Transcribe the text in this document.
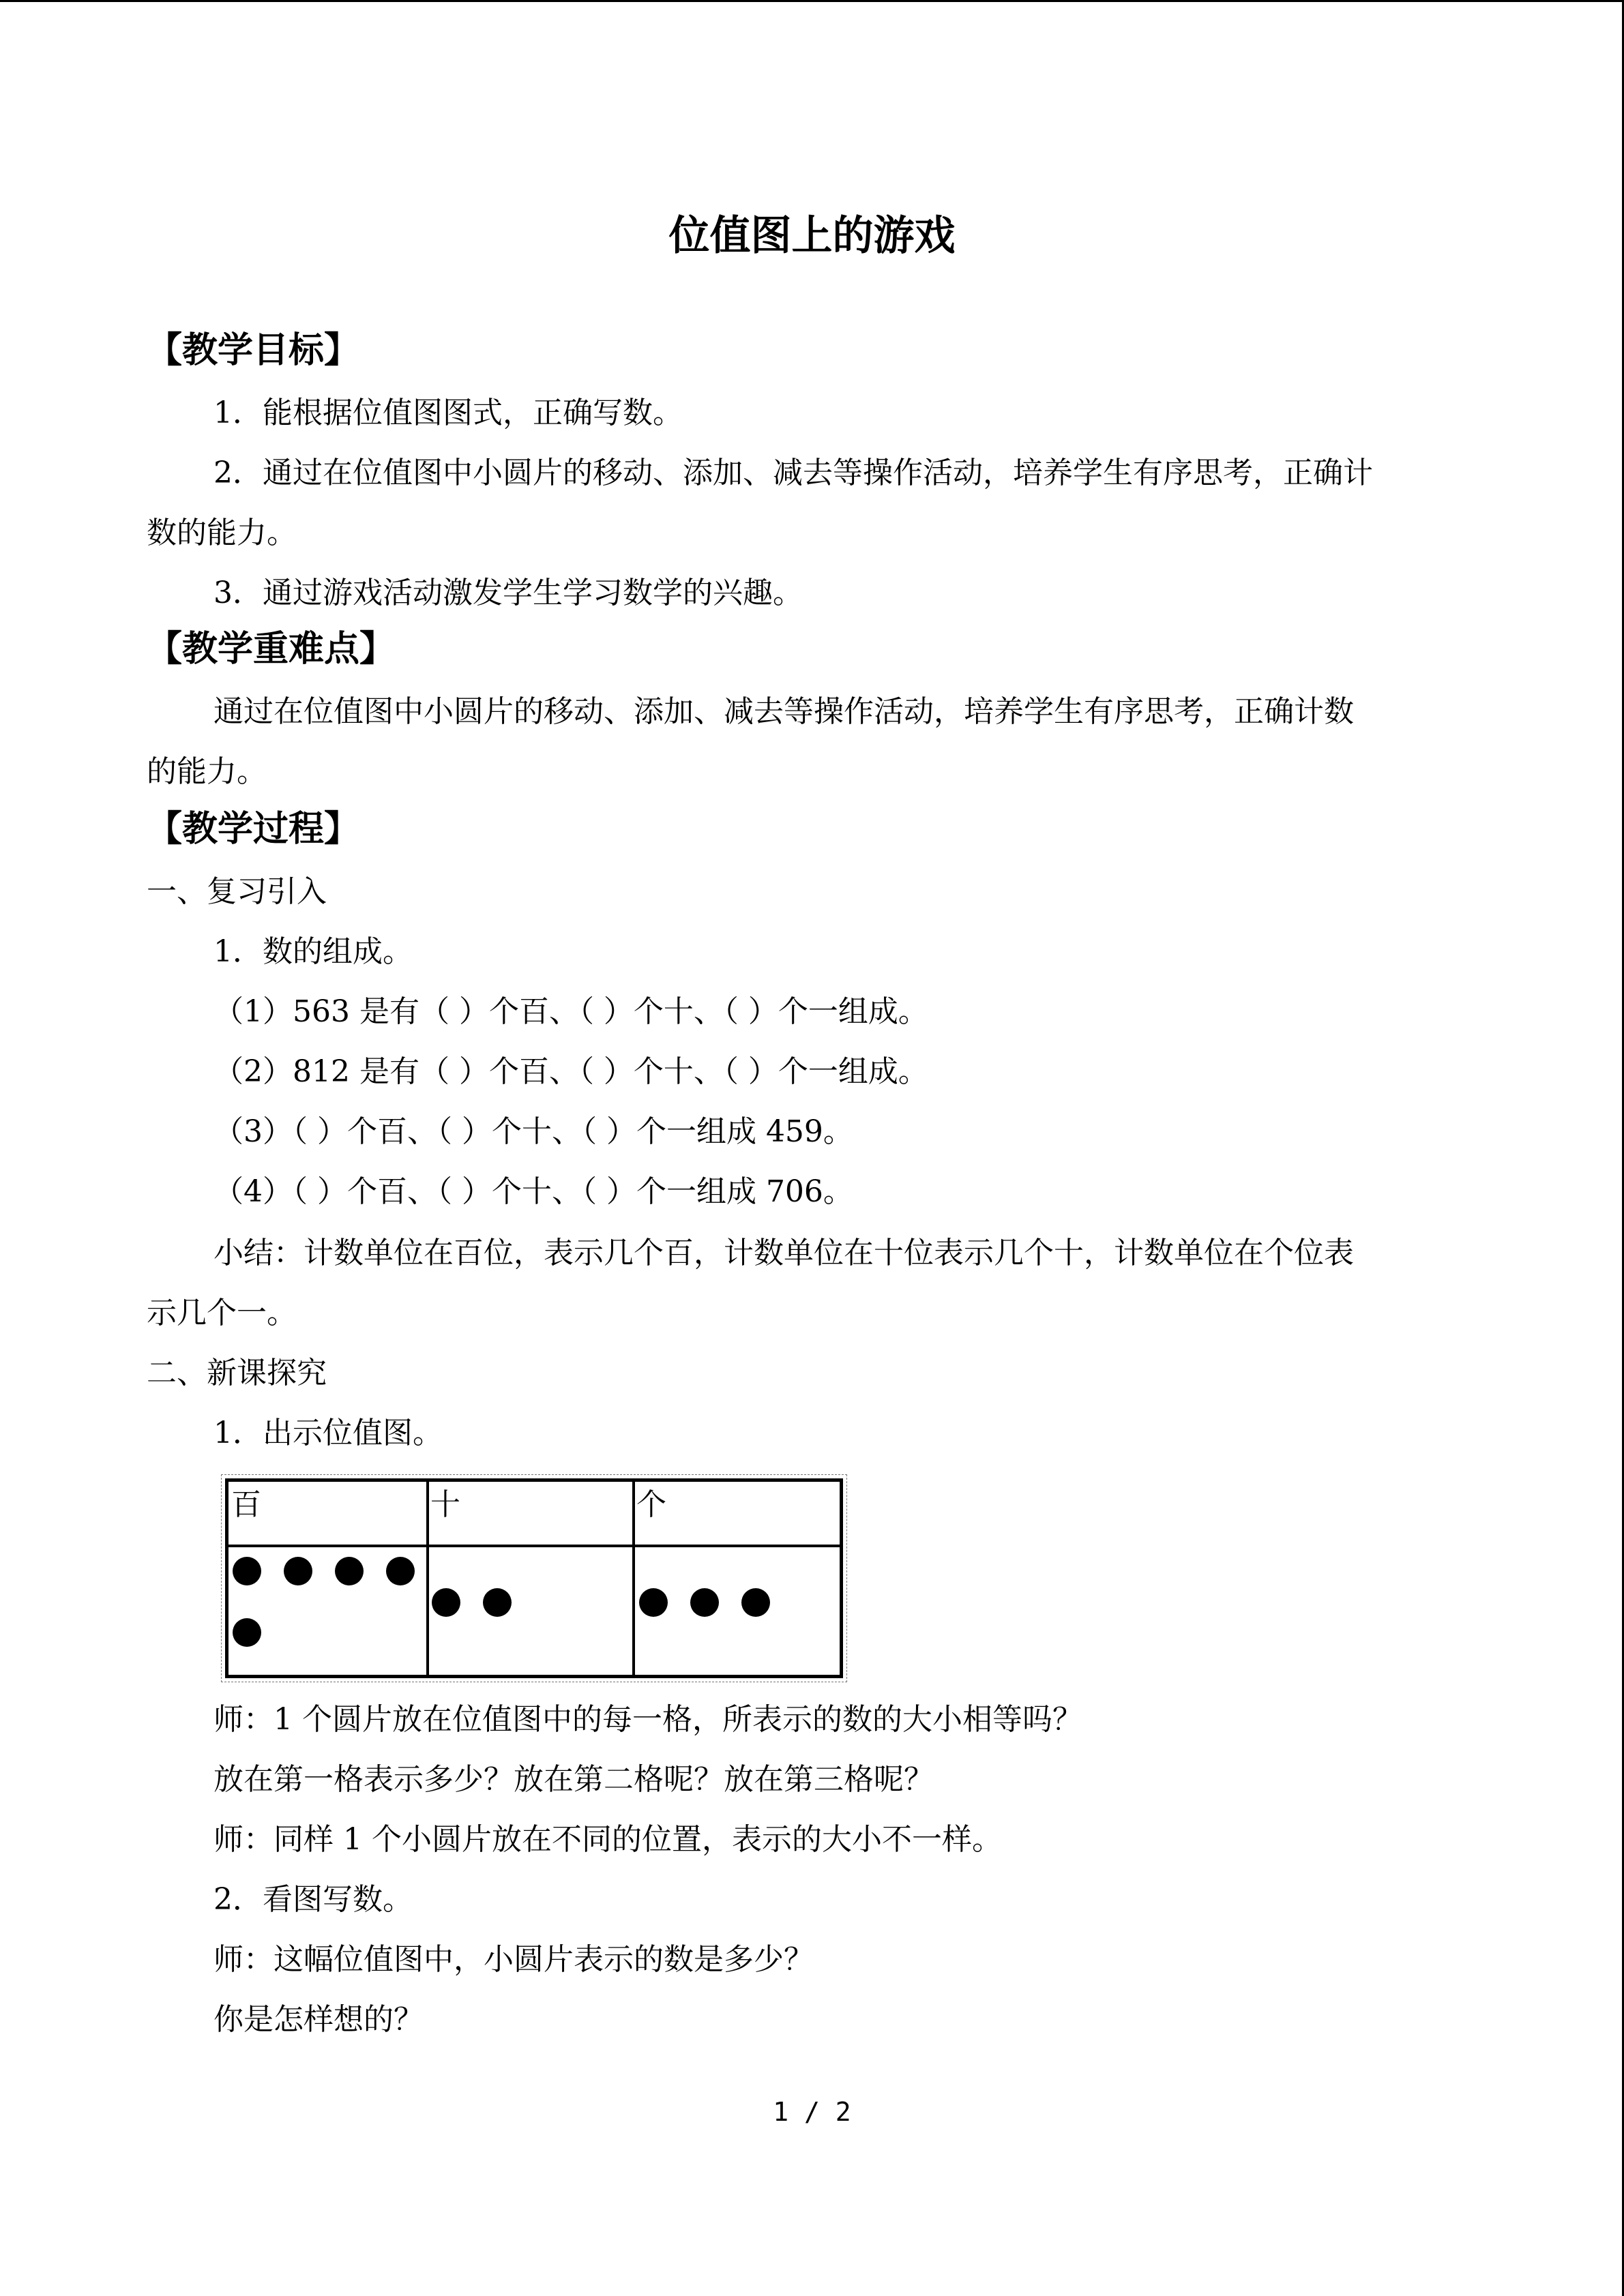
位值图上的游戏
【教学目标】
1．能根据位值图图式，正确写数。
2．通过在位值图中小圆片的移动、添加、减去等操作活动，培养学生有序思考，正确计
数的能力。
3．通过游戏活动激发学生学习数学的兴趣。
【教学重难点】
通过在位值图中小圆片的移动、添加、减去等操作活动，培养学生有序思考，正确计数
的能力。
【教学过程】
一、复习引入
1．数的组成。
（1）563 是有（ ）个百、（ ）个十、（ ）个一组成。
（2）812 是有（ ）个百、（ ）个十、（ ）个一组成。
（3）（ ）个百、（ ）个十、（ ）个一组成 459。
（4）（ ）个百、（ ）个十、（ ）个一组成 706。
小结：计数单位在百位，表示几个百，计数单位在十位表示几个十，计数单位在个位表
示几个一。
二、新课探究
1．出示位值图。
百	十	个
师：1 个圆片放在位值图中的每一格，所表示的数的大小相等吗？
放在第一格表示多少？放在第二格呢？放在第三格呢？
师：同样 1 个小圆片放在不同的位置，表示的大小不一样。
2．看图写数。
师：这幅位值图中，小圆片表示的数是多少？
你是怎样想的？
1 / 2
